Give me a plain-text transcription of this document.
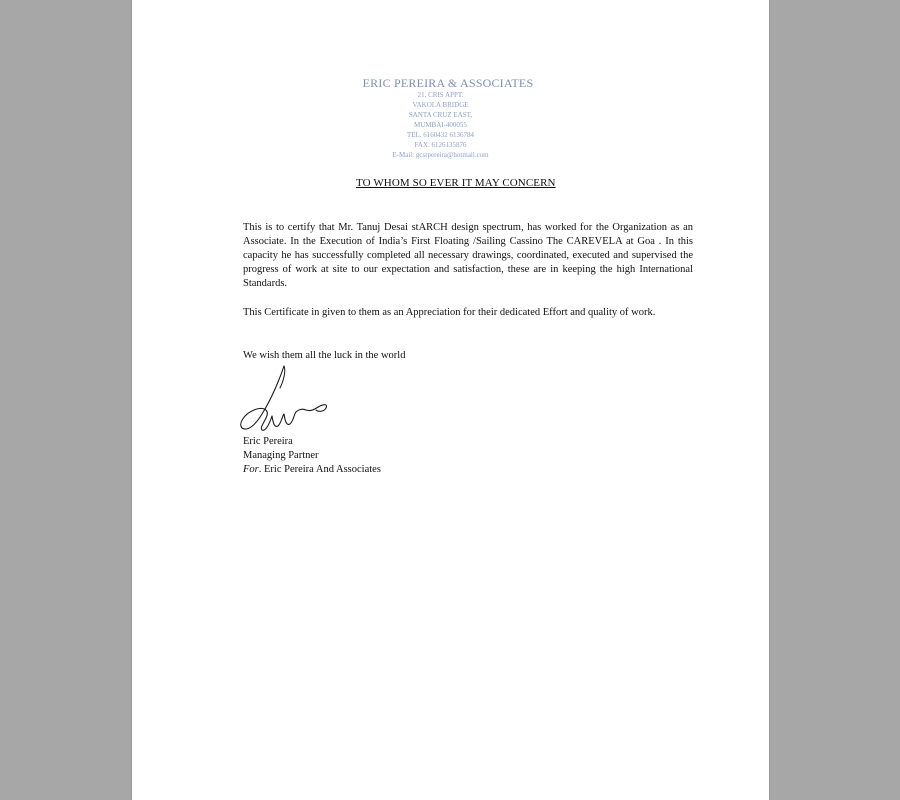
ERIC PEREIRA & ASSOCIATES
21, CRIS APPT.
VAKOLA BRIDGE
SANTA CRUZ EAST,
MUMBAI-400055
TEL. 6160432 6136784
FAX. 6126135876
E-Mail: gcsrpereira@hotmail.com
TO WHOM SO EVER IT MAY CONCERN
This is to certify that Mr. Tanuj Desai stARCH design spectrum, has worked for the Organization as an Associate. In the Execution of India’s First Floating /Sailing Cassino The CAREVELA at Goa . In this capacity he has successfully completed all necessary drawings, coordinated, executed and supervised the progress of work at site to our expectation and satisfaction, these are in keeping the high International Standards.
This Certificate in given to them as an Appreciation for their dedicated Effort and quality of work.
We wish them all the luck in the world
Eric Pereira
Managing Partner
For. Eric Pereira And Associates
